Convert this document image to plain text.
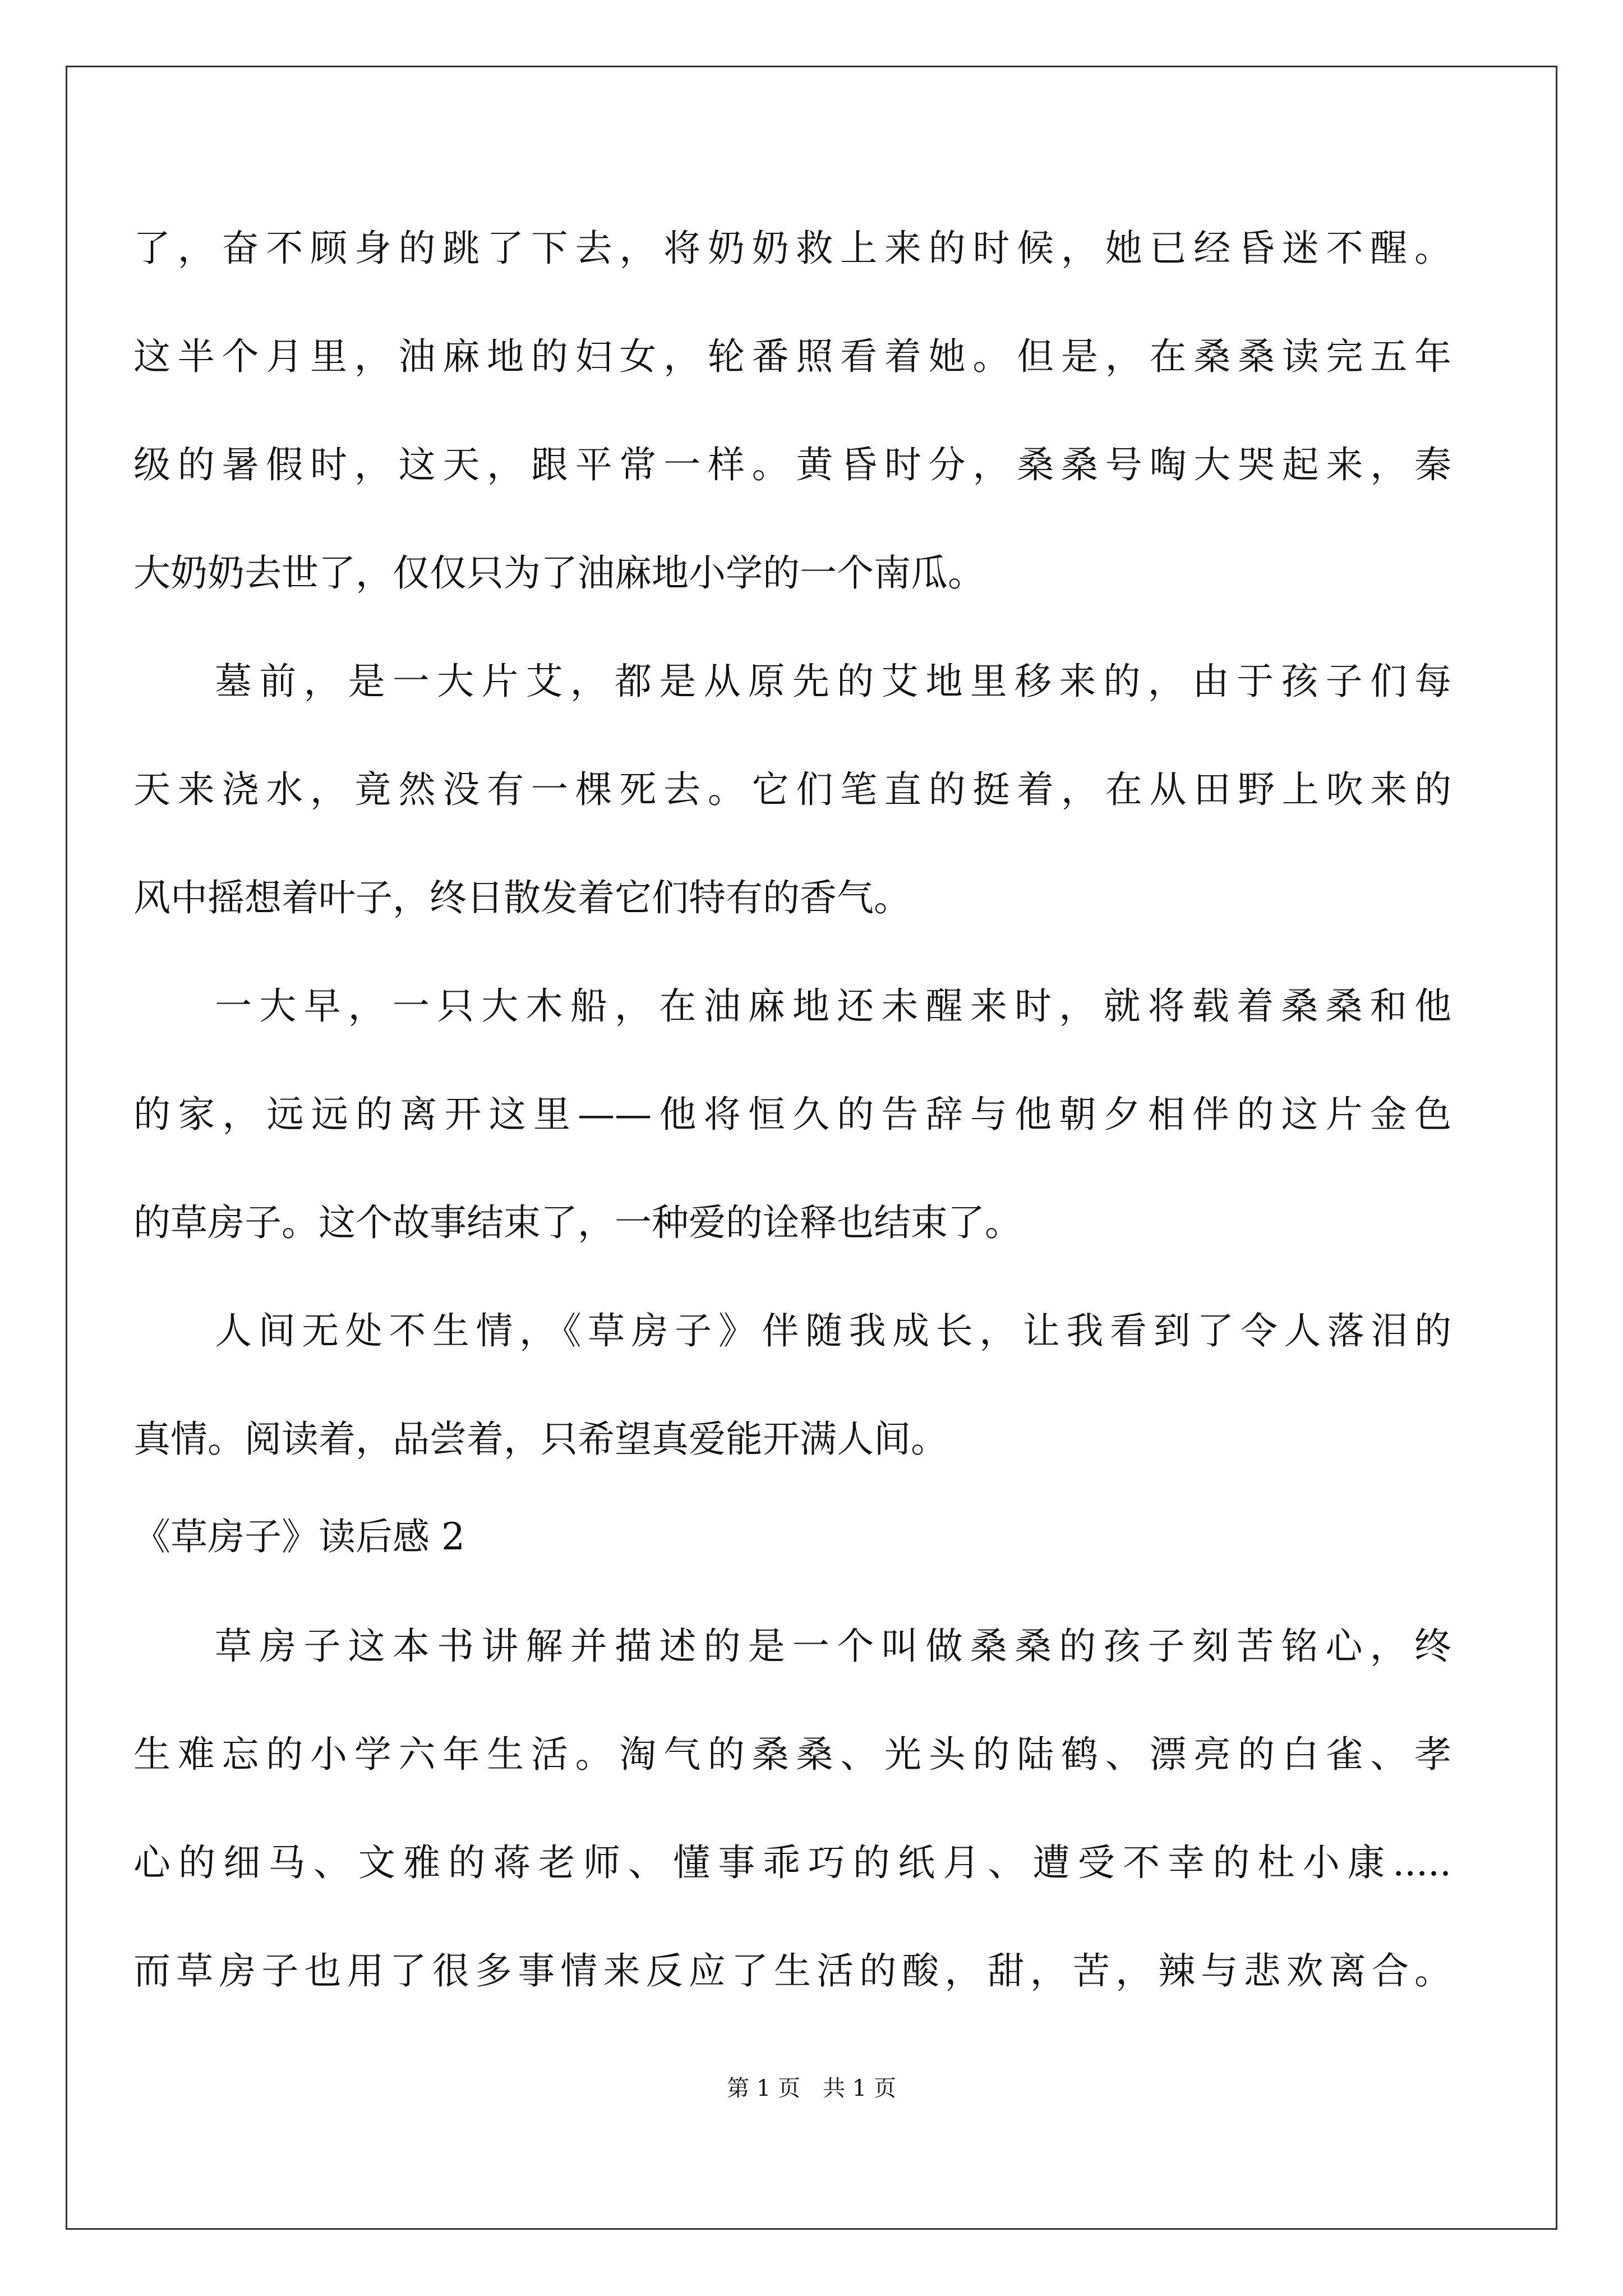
了，奋不顾身的跳了下去，将奶奶救上来的时候，她已经昏迷不醒。
这半个月里，油麻地的妇女，轮番照看着她。但是，在桑桑读完五年
级的暑假时，这天，跟平常一样。黄昏时分，桑桑号啕大哭起来，秦
大奶奶去世了，仅仅只为了油麻地小学的一个南瓜。
墓前，是一大片艾，都是从原先的艾地里移来的，由于孩子们每
天来浇水，竟然没有一棵死去。它们笔直的挺着，在从田野上吹来的
风中摇想着叶子，终日散发着它们特有的香气。
一大早，一只大木船，在油麻地还未醒来时，就将载着桑桑和他
的家，远远的离开这里——他将恒久的告辞与他朝夕相伴的这片金色
的草房子。这个故事结束了，一种爱的诠释也结束了。
人间无处不生情，《草房子》伴随我成长，让我看到了令人落泪的
真情。阅读着，品尝着，只希望真爱能开满人间。
《草房子》读后感 2
草房子这本书讲解并描述的是一个叫做桑桑的孩子刻苦铭心，终
生难忘的小学六年生活。淘气的桑桑、光头的陆鹤、漂亮的白雀、孝
心的细马、文雅的蒋老师、懂事乖巧的纸月、遭受不幸的杜小康.....
而草房子也用了很多事情来反应了生活的酸，甜，苦，辣与悲欢离合。
第 1 页　共 1 页
